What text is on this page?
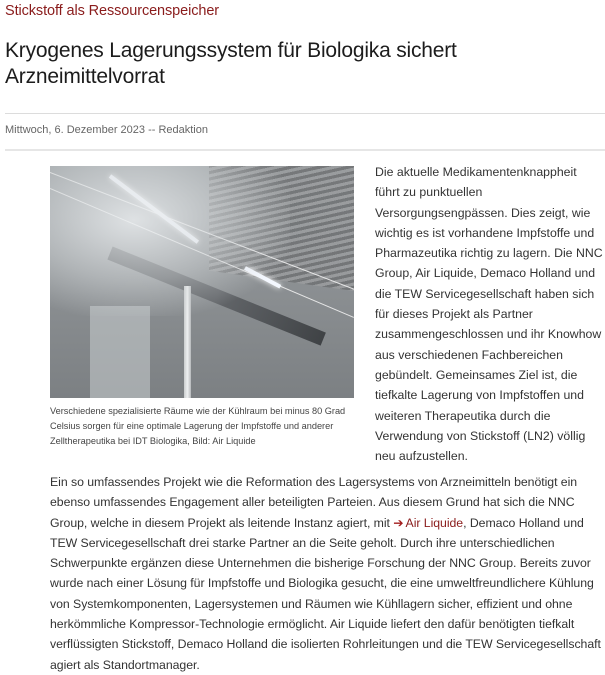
Stickstoff als Ressourcenspeicher
Kryogenes Lagerungssystem für Biologika sichert Arzneimittelvorrat
Mittwoch, 6. Dezember 2023 -- Redaktion
Verschiedene spezialisierte Räume wie der Kühlraum bei minus 80 Grad Celsius sorgen für eine optimale Lagerung der Impfstoffe und anderer Zelltherapeutika bei IDT Biologika, Bild: Air Liquide

Die aktuelle Medikamentenknappheit führt zu punktuellen Versorgungsengpässen. Dies zeigt, wie wichtig es ist vorhandene Impfstoffe und Pharmazeutika richtig zu lagern. Die NNC Group, Air Liquide, Demaco Holland und die TEW Servicegesellschaft haben sich für dieses Projekt als Partner zusammengeschlossen und ihr Knowhow aus verschiedenen Fachbereichen gebündelt. Gemeinsames Ziel ist, die tiefkalte Lagerung von Impfstoffen und weiteren Therapeutika durch die Verwendung von Stickstoff (LN2) völlig neu aufzustellen.

Ein so umfassendes Projekt wie die Reformation des Lagersystems von Arzneimitteln benötigt ein ebenso umfassendes Engagement aller beteiligten Parteien. Aus diesem Grund hat sich die NNC Group, welche in diesem Projekt als leitende Instanz agiert, mit ➔ Air Liquide, Demaco Holland und TEW Servicegesellschaft drei starke Partner an die Seite geholt. Durch ihre unterschiedlichen Schwerpunkte ergänzen diese Unternehmen die bisherige Forschung der NNC Group. Bereits zuvor wurde nach einer Lösung für Impfstoffe und Biologika gesucht, die eine umweltfreundlichere Kühlung von Systemkomponenten, Lagersystemen und Räumen wie Kühllagern sicher, effizient und ohne herkömmliche Kompressor-Technologie ermöglicht. Air Liquide liefert den dafür benötigten tiefkalt verflüssigten Stickstoff, Demaco Holland die isolierten Rohrleitungen und die TEW Servicegesellschaft agiert als Standortmanager.
